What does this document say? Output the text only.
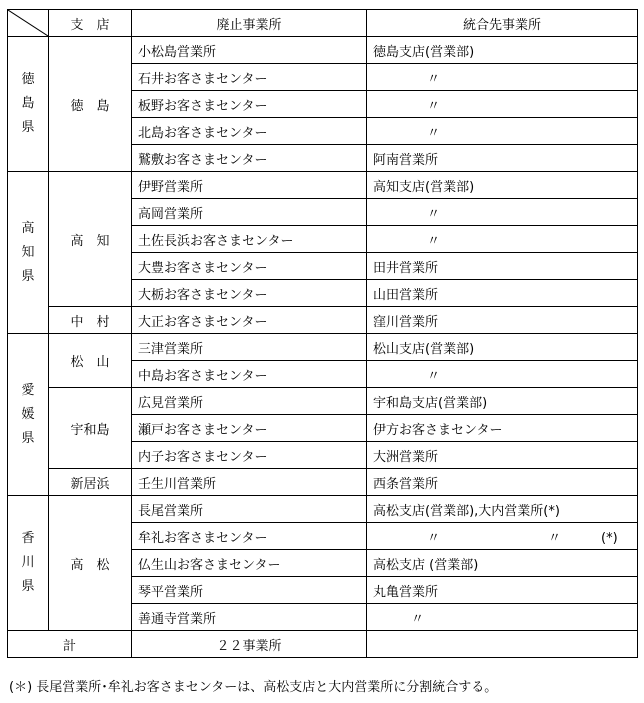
	支　店	廃止事業所	統合先事業所

徳
島
県	徳　島	小松島営業所	徳島支店(営業部)
		石井お客さまセンター	〃
		板野お客さまセンター	〃
		北島お客さまセンター	〃
		鷲敷お客さまセンター	阿南営業所

高
知
県	高　知	伊野営業所	高知支店(営業部)
		高岡営業所	〃
		土佐長浜お客さまセンター	〃
		大豊お客さまセンター	田井営業所
		大栃お客さまセンター	山田営業所
	中　村	大正お客さまセンター	窪川営業所

愛
媛
県	松　山	三津営業所	松山支店(営業部)
		中島お客さまセンター	〃
	宇和島	広見営業所	宇和島支店(営業部)
		瀬戸お客さまセンター	伊方お客さまセンター
		内子お客さまセンター	大洲営業所
	新居浜	壬生川営業所	西条営業所

香
川
県	高　松	長尾営業所	高松支店(営業部),大内営業所(*)
		牟礼お客さまセンター	〃 〃 (*)
		仏生山お客さまセンター	高松支店 (営業部)
		琴平営業所	丸亀営業所
		善通寺営業所	〃
計		２２事業所	
(＊) 長尾営業所･牟礼お客さまセンターは、高松支店と大内営業所に分割統合する。
